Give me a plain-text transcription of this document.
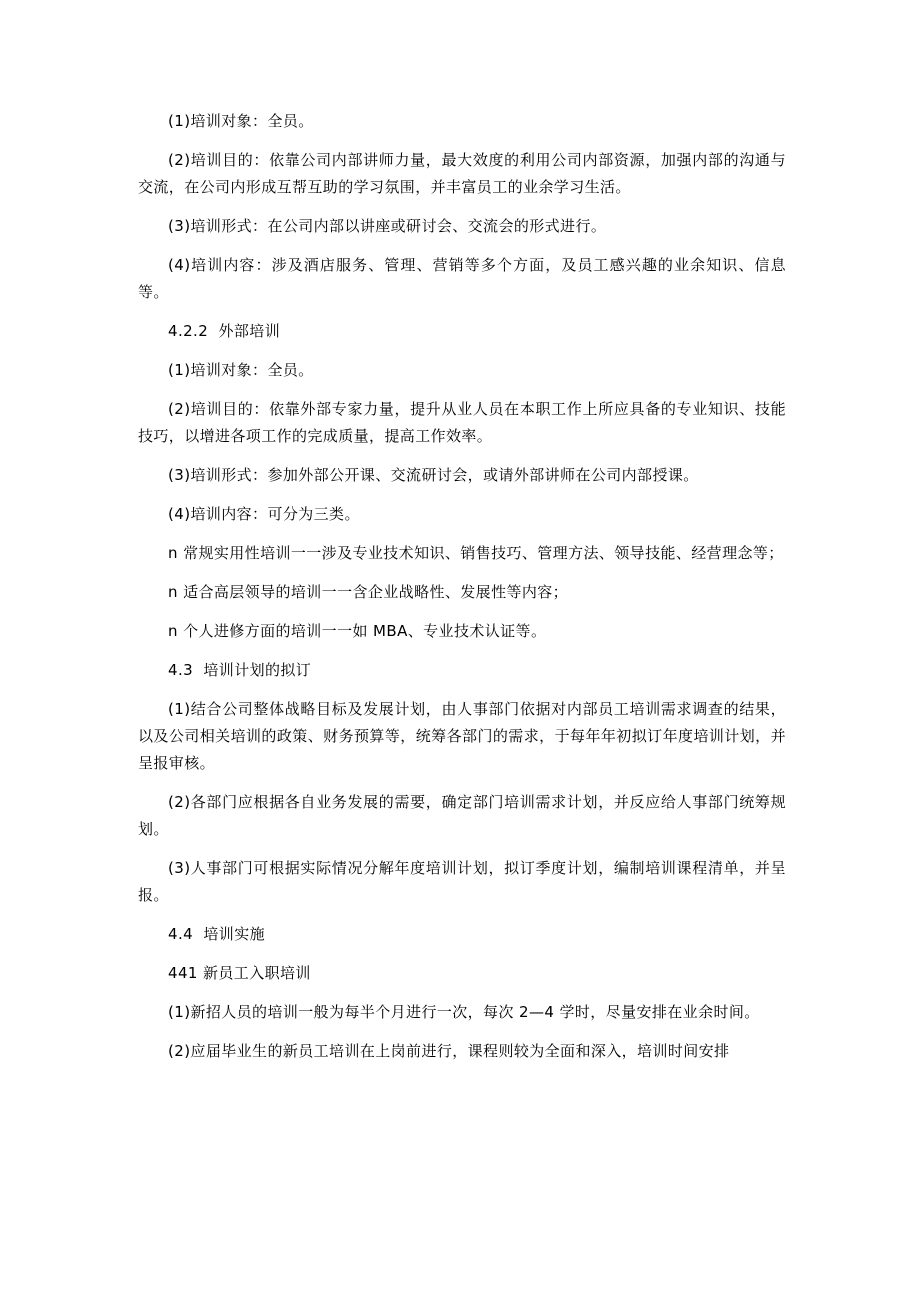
(1)培训对象：全员。

(2)培训目的：依靠公司内部讲师力量，最大效度的利用公司内部资源，加强内部的沟通与交流，在公司内形成互帮互助的学习氛围，并丰富员工的业余学习生活。

(3)培训形式：在公司内部以讲座或研讨会、交流会的形式进行。

(4)培训内容：涉及酒店服务、管理、营销等多个方面，及员工感兴趣的业余知识、信息等。

4.2.2  外部培训

(1)培训对象：全员。

(2)培训目的：依靠外部专家力量，提升从业人员在本职工作上所应具备的专业知识、技能技巧，以增进各项工作的完成质量，提高工作效率。

(3)培训形式：参加外部公开课、交流研讨会，或请外部讲师在公司内部授课。

(4)培训内容：可分为三类。

n 常规实用性培训一一涉及专业技术知识、销售技巧、管理方法、领导技能、经营理念等；

n 适合高层领导的培训一一含企业战略性、发展性等内容；

n 个人进修方面的培训一一如 MBA、专业技术认证等。

4.3  培训计划的拟订

(1)结合公司整体战略目标及发展计划，由人事部门依据对内部员工培训需求调查的结果，以及公司相关培训的政策、财务预算等，统筹各部门的需求，于每年年初拟订年度培训计划，并呈报审核。

(2)各部门应根据各自业务发展的需要，确定部门培训需求计划，并反应给人事部门统筹规划。

(3)人事部门可根据实际情况分解年度培训计划，拟订季度计划，编制培训课程清单，并呈报。

4.4  培训实施

441 新员工入职培训

(1)新招人员的培训一般为每半个月进行一次，每次 2—4 学时，尽量安排在业余时间。

(2)应届毕业生的新员工培训在上岗前进行，课程则较为全面和深入，培训时间安排
